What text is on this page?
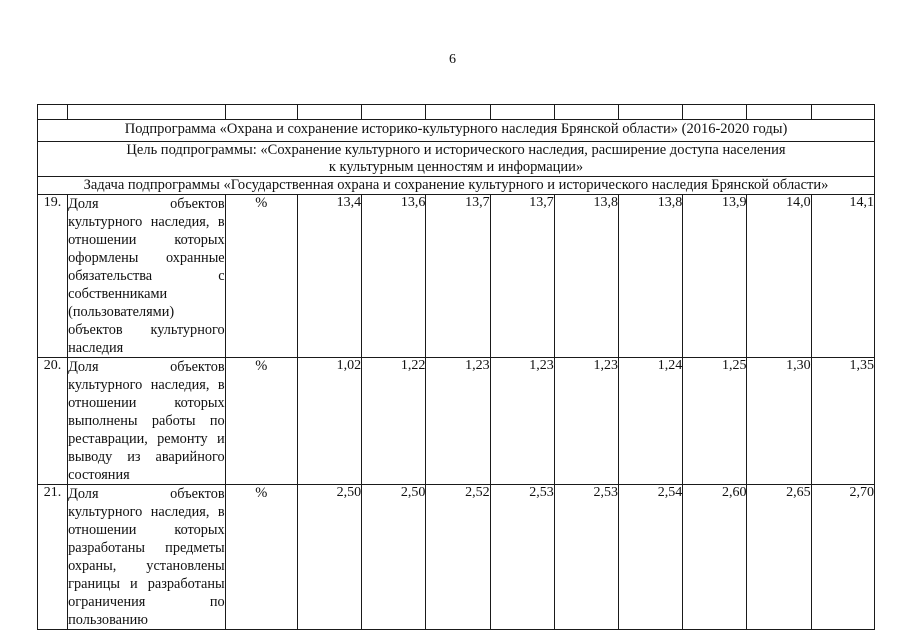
6

Подпрограмма «Охрана и сохранение историко-культурного наследия Брянской области» (2016-2020 годы)											
Цель подпрограммы: «Сохранение культурного и исторического наследия, расширение доступа населения
к культурным ценностям и информации»											
Задача подпрограммы «Государственная охрана и сохранение культурного и исторического наследия Брянской области»											
19.	Доля объектов культурного наследия, в отношении которых оформлены охранные обязательства с собственниками (пользователями) объектов культурного наследия	%	13,4	13,6	13,7	13,7	13,8	13,8	13,9	14,0	14,1
20.	Доля объектов культурного наследия, в отношении которых выполнены работы по реставрации, ремонту и выводу из аварийного состояния	%	1,02	1,22	1,23	1,23	1,23	1,24	1,25	1,30	1,35
21.	Доля объектов культурного наследия, в отношении которых разработаны предметы охраны, установлены границы и разработаны ограничения по пользованию	%	2,50	2,50	2,52	2,53	2,53	2,54	2,60	2,65	2,70
